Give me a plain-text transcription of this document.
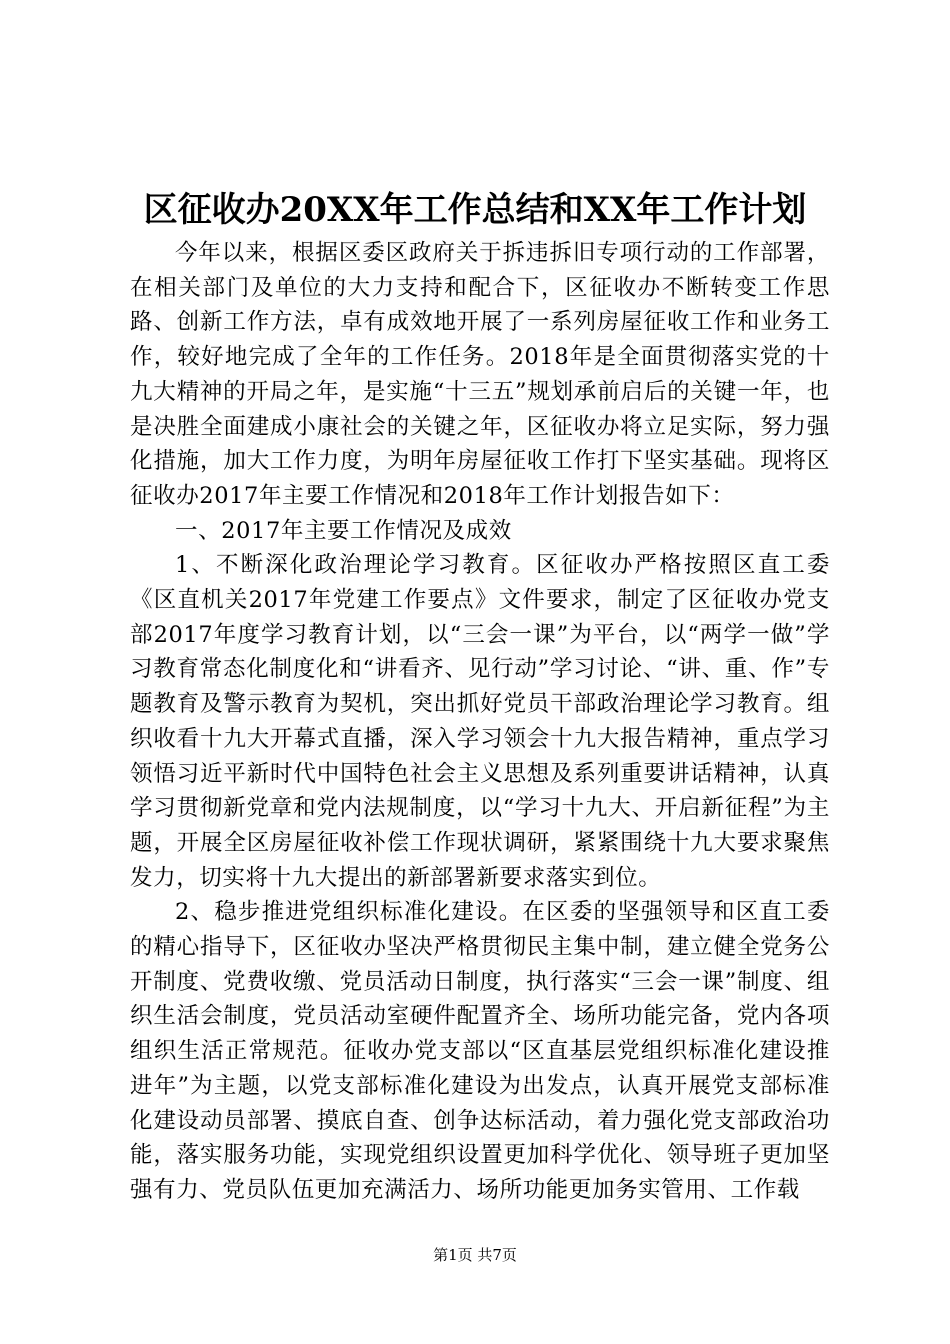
区征收办20XX年工作总结和XX年工作计划

今年以来，根据区委区政府关于拆违拆旧专项行动的工作部署，在相关部门及单位的大力支持和配合下，区征收办不断转变工作思路、创新工作方法，卓有成效地开展了一系列房屋征收工作和业务工作，较好地完成了全年的工作任务。2018年是全面贯彻落实党的十九大精神的开局之年，是实施“十三五”规划承前启后的关键一年，也是决胜全面建成小康社会的关键之年，区征收办将立足实际，努力强化措施，加大工作力度，为明年房屋征收工作打下坚实基础。现将区征收办2017年主要工作情况和2018年工作计划报告如下：

一、2017年主要工作情况及成效

1、不断深化政治理论学习教育。区征收办严格按照区直工委《区直机关2017年党建工作要点》文件要求，制定了区征收办党支部2017年度学习教育计划，以“三会一课”为平台，以“两学一做”学习教育常态化制度化和“讲看齐、见行动”学习讨论、“讲、重、作”专题教育及警示教育为契机，突出抓好党员干部政治理论学习教育。组织收看十九大开幕式直播，深入学习领会十九大报告精神，重点学习领悟习近平新时代中国特色社会主义思想及系列重要讲话精神，认真学习贯彻新党章和党内法规制度，以“学习十九大、开启新征程”为主题，开展全区房屋征收补偿工作现状调研，紧紧围绕十九大要求聚焦发力，切实将十九大提出的新部署新要求落实到位。

2、稳步推进党组织标准化建设。在区委的坚强领导和区直工委的精心指导下，区征收办坚决严格贯彻民主集中制，建立健全党务公开制度、党费收缴、党员活动日制度，执行落实“三会一课”制度、组织生活会制度，党员活动室硬件配置齐全、场所功能完备，党内各项组织生活正常规范。征收办党支部以“区直基层党组织标准化建设推进年”为主题，以党支部标准化建设为出发点，认真开展党支部标准化建设动员部署、摸底自查、创争达标活动，着力强化党支部政治功能，落实服务功能，实现党组织设置更加科学优化、领导班子更加坚强有力、党员队伍更加充满活力、场所功能更加务实管用、工作载

第1页 共7页
